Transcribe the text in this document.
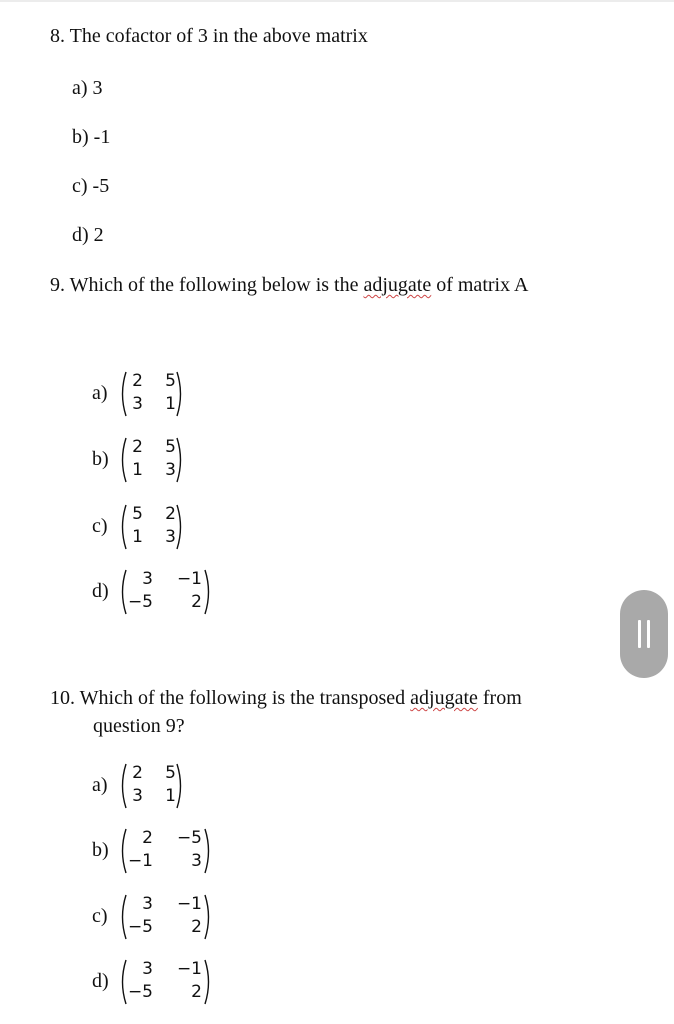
8. The cofactor of 3 in the above matrix
a) 3
b) -1
c) -5
d) 2
9. Which of the following below is the adjugate of matrix A
a)
2	5
3	1
b)
2	5
1	3
c)
5	2
1	3
d)
3 −1
−5	2
10. Which of the following is the transposed adjugate from
question 9?
a)
2	5
3	1
b)
2 −5
−1	3
c)
3 −1
−5	2
d)
3 −1
−5	2
